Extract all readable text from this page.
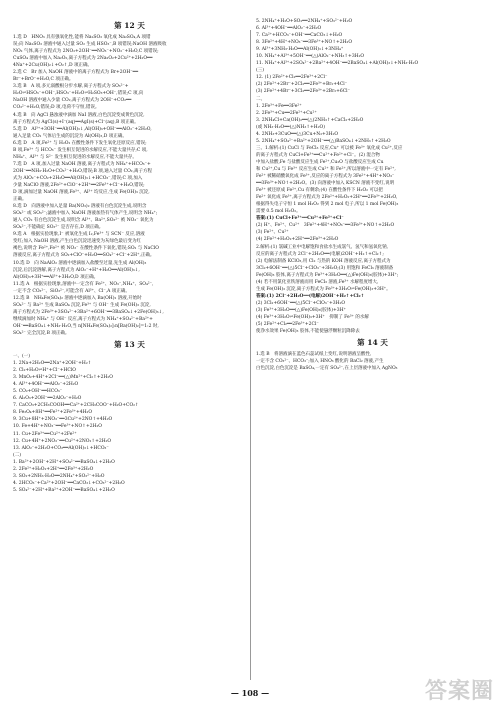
第 12 天
1.选 D　HNO₃ 具有强氧化性,能将 Na₂SO₃ 氧化成 Na₂SO₄,A 项错
误;向 Na₂SO₃ 溶液中通入过量 SO₂ 生成 HSO₃⁻,B 项错误;NaOH 溶液吸收
NO₂ 气体,离子方程式为 2NO₂+2OH⁻══NO₃⁻+NO₂⁻+H₂O,C 项错误;
CuSO₄ 溶液中加入 Na₂O₂,离子方程式为 2Na₂O₂+2Cu²⁺+2H₂O══
4Na⁺+2Cu(OH)₂↓+O₂↑,D 项正确。
2.选 C　Br 加入 NaOH 溶液中的离子方程式为 Br+2OH⁻══
Br⁻+BrO⁻+H₂O,C 项正确。
3.选 B　A 项,多元弱酸根分步水解,离子方程式为 SO₃²⁻+
H₂O⇌HSO₃⁻+OH⁻,HSO₃⁻+H₂O⇌H₂SO₃+OH⁻,错误;C 项,向
NaOH 溶液中通入少量 CO₂,离子方程式为 2OH⁻+CO₂══
CO₃²⁻+H₂O,错误;D 项,电荷不守恒,错误。
4.选 B　向 AgCl 悬浊液中滴加 NaI 溶液,白色沉淀变成黄色沉淀,
离子方程式为 AgCl(s)+I⁻(aq)══AgI(s)+Cl⁻(aq),B 项正确。
5.选 D　Al³⁺+3OH⁻══Al(OH)₃↓,Al(OH)₃+OH⁻══AlO₂⁻+2H₂O,
通入足量 CO₂ 气体后生成的沉淀为 Al(OH)₃,D 项正确。
6.选 D　A 项,Fe²⁺ 与 H₂O₂ 在酸性条件下发生氧化还原反应,错误;
B 项,Fe³⁺ 与 HCO₃⁻ 发生相互促进的水解反应,不能大量共存;C 项,
NH₄⁺、Al³⁺ 与 S²⁻ 发生相互促进的水解反应,不能大量共存。
7.选 D　A 项,加入过量 NaOH 溶液,离子方程式为 NH₄⁺+HCO₃⁻+
2OH⁻══NH₃·H₂O+CO₃²⁻+H₂O,错误;B 项,通入过量 CO₂,离子方程
式为 AlO₂⁻+CO₂+2H₂O══Al(OH)₃↓+HCO₃⁻,错误;C 项,加入
少量 NaClO 溶液,2Fe²⁺+ClO⁻+2H⁺══2Fe³⁺+Cl⁻+H₂O,错误;
D 项,滴加过量 NaOH 溶液,Fe³⁺、Al³⁺ 均反应,生成 Fe(OH)₃ 沉淀,
正确。
8.选 D　向溶液中加入足量 Ba(NO₃)₂ 溶液有白色沉淀生成,说明含
SO₄²⁻ 或 SO₃²⁻;滤液中加入 NaOH 溶液加热有气体产生,说明含 NH₄⁺;
通入 CO₂ 有白色沉淀生成,说明含 Al³⁺、Ba²⁺,SO₃²⁻ 被 NO₃⁻ 氧化为
SO₄²⁻,不能确定 SO₃²⁻ 是否存在,D 项正确。
9.选 A　根据实验现象,I⁻ 被氧化生成 I₂,Fe³⁺ 与 SCN⁻ 反应,溶液
变红;加入 NaOH 溶液,产生白色沉淀迅速变为灰绿色最后变为红
褐色,说明含 Fe²⁺,Fe²⁺ 被 NO₃⁻ 在酸性条件下氧化,错误;SO₂ 与 NaClO
溶液反应,离子方程式为 SO₂+ClO⁻+H₂O══SO₄²⁻+Cl⁻+2H⁺,正确。
10.选 D　向 NaAlO₂ 溶液中逐滴加入盐酸至过量,先生成 Al(OH)₃
沉淀,后沉淀溶解,离子方程式为 AlO₂⁻+H⁺+H₂O══Al(OH)₃↓,
Al(OH)₃+3H⁺══Al³⁺+3H₂O,D 项正确。
11.选 A　根据实验现象,溶液中一定含有 Fe²⁺、NO₃⁻,NH₄⁺、SO₄²⁻,
一定不含 CO₃²⁻、SiO₃²⁻,可能含有 Al³⁺、Cl⁻,A 项正确。
12.选 B　NH₄Fe(SO₄)₂ 溶液中逐滴加入 Ba(OH)₂ 溶液,开始时
SO₄²⁻ 与 Ba²⁺ 生成 BaSO₄ 沉淀,Fe³⁺ 与 OH⁻ 生成 Fe(OH)₃ 沉淀,
离子方程式为 2Fe³⁺+3SO₄²⁻+3Ba²⁺+6OH⁻══3BaSO₄↓+2Fe(OH)₃↓,
继续滴加时 NH₄⁺ 与 OH⁻ 反应,离子方程式为 NH₄⁺+SO₄²⁻+Ba²⁺+
OH⁻══BaSO₄↓+NH₃·H₂O,当 n[NH₄Fe(SO₄)₂]:n[Ba(OH)₂]=1:2 时,
SO₄²⁻ 完全沉淀,B 项正确。
第 13 天
一、(一)
1. 2Na+2H₂O══2Na⁺+2OH⁻+H₂↑
2. Cl₂+H₂O⇌H⁺+Cl⁻+HClO
3. MnO₂+4H⁺+2Cl⁻══(△)Mn²⁺+Cl₂↑+2H₂O
4. Al³⁺+4OH⁻══AlO₂⁻+2H₂O
5. CO₂+OH⁻══HCO₃⁻
6. Al₂O₃+2OH⁻══2AlO₂⁻+H₂O
7. CaCO₃+2CH₃COOH══Ca²⁺+2CH₃COO⁻+H₂O+CO₂↑
8. Fe₃O₄+8H⁺══Fe²⁺+2Fe³⁺+4H₂O
9. 3Cu+8H⁺+2NO₃⁻══3Cu²⁺+2NO↑+4H₂O
10. Fe+4H⁺+NO₃⁻══Fe³⁺+NO↑+2H₂O
11. Cu+2Fe³⁺══Cu²⁺+2Fe²⁺
12. Cu+4H⁺+2NO₃⁻══Cu²⁺+2NO₂↑+2H₂O
13. AlO₂⁻+2H₂O+CO₂══Al(OH)₃↓+HCO₃⁻
(二)
1. Ba²⁺+2OH⁻+2H⁺+SO₄²⁻══BaSO₄↓+2H₂O
2. 2Fe²⁺+H₂O₂+2H⁺══2Fe³⁺+2H₂O
3. SO₂+2NH₃·H₂O══2NH₄⁺+SO₃²⁻+H₂O
4. 2HCO₃⁻+Ca²⁺+2OH⁻══CaCO₃↓+CO₃²⁻+2H₂O
5. SO₄²⁻+2H⁺+Ba²⁺+2OH⁻══BaSO₄↓+2H₂O
5. 2NH₄⁺+H₂O+SO₂══2NH₄⁺+SO₃²⁻+H₂O
6. Al³⁺+4OH⁻══AlO₂⁻+2H₂O
7. Ca²⁺+HCO₃⁻+OH⁻══CaCO₃↓+H₂O
8. 3Fe²⁺+4H⁺+NO₃⁻══3Fe³⁺+NO↑+2H₂O
9. Al³⁺+3NH₃·H₂O══Al(OH)₃↓+3NH₄⁺
10. NH₄⁺+Al³⁺+5OH⁻══(△)AlO₂⁻+NH₃↑+3H₂O
11. NH₄⁺+Al³⁺+2SO₄²⁻+2Ba²⁺+4OH⁻══2BaSO₄↓+Al(OH)₃↓+NH₃·H₂O
(三)
12. (1) 2Fe²⁺+Cl₂══2Fe³⁺+2Cl⁻
(2) 2Fe²⁺+2Br⁻+2Cl₂══2Fe³⁺+Br₂+4Cl⁻
(3) 2Fe²⁺+4Br⁻+3Cl₂══2Fe³⁺+2Br₂+6Cl⁻
二、
1. 2Fe³⁺+Fe══3Fe²⁺
2. 2Fe³⁺+Cu══2Fe²⁺+Cu²⁺
3. 2NH₄Cl+Ca(OH)₂══(△)2NH₃↑+CaCl₂+2H₂O
(或 NH₃·H₂O══(△)NH₃↑+H₂O)
4. 2NH₃+3CuO══(△)3Cu+N₂+3H₂O
5. 2NH₄⁺+SO₄²⁻+Ba²⁺+2OH⁻══(△)BaSO₄↓+2NH₃↑+2H₂O
三、1.解析:(1) CuCl 与 FeCl₃ 反应,Cu⁺ 可以被 Fe³⁺ 氧化成 Cu²⁺,反应
的离子方程式为 CuCl+Fe³⁺══Cu²⁺+Fe²⁺+Cl⁻。(2) 混合物
中加入盐酸,Fe 与盐酸反应生成 Fe²⁺,Cu₂O 与盐酸反应生成 Cu
和 Cu²⁺,Cu 与 Fe³⁺ 反应生成 Cu²⁺ 和 Fe²⁺,所以溶液中一定有 Fe²⁺,
Fe²⁺ 被稀硝酸氧化成 Fe³⁺,反应的离子方程式为 3Fe²⁺+4H⁺+NO₃⁻
══3Fe³⁺+NO↑+2H₂O。(3) 向溶液中加入 KSCN 溶液不变红,说明
Fe³⁺ 被还原成 Fe²⁺,Cu 有剩余;(4) 在酸性条件下 H₂O₂ 可以把
Fe²⁺ 氧化成 Fe³⁺,离子方程式为 2Fe²⁺+H₂O₂+2H⁺══2Fe³⁺+2H₂O,
根据得失电子守恒 1 mol H₂O₂ 得到 2 mol 电子,所以 1 mol Fe(OH)₃
需要 0.5 mol H₂O₂。
答案:(1) CuCl+Fe³⁺══Cu²⁺+Fe²⁺+Cl⁻
(2) H⁺、Fe²⁺、Cu²⁺　3Fe²⁺+4H⁺+NO₃⁻══3Fe³⁺+NO↑+2H₂O
(3) Fe²⁺、Cu²⁺
(4) 2Fe²⁺+H₂O₂+2H⁺══2Fe³⁺+2H₂O
2.解析:(1) 氯碱工业中电解饱和食盐水生成氯气、氢气和氢氧化钠,
反应的离子方程式为 2Cl⁻+2H₂O══(电解)2OH⁻+H₂↑+Cl₂↑;
(2) 电解法制备 KClO₃,用 Cl₂ 与热的 KOH 溶液反应,离子方程式为
3Cl₂+6OH⁻══(△)5Cl⁻+ClO₃⁻+3H₂O;(3) 用饱和 FeCl₃ 溶液制备
Fe(OH)₃ 胶体,离子方程式为 Fe³⁺+3H₂O══(△)Fe(OH)₃(胶体)+3H⁺;
(4) 若不用氯化亚铁溶液而用 FeCl₃ 溶液,Fe³⁺ 水解程度增大,
生成 Fe(OH)₃ 沉淀,离子方程式为 Fe³⁺+3H₂O⇌Fe(OH)₃+3H⁺。
答案:(1) 2Cl⁻+2H₂O══(电解)2OH⁻+H₂↑+Cl₂↑
(2) 3Cl₂+6OH⁻══(△)5Cl⁻+ClO₃⁻+3H₂O
(3) Fe³⁺+3H₂O══(△)Fe(OH)₃(胶体)+3H⁺
(4) Fe³⁺+3H₂O⇌Fe(OH)₃+3H⁺　抑制了 Fe³⁺ 的水解
(5) 2Fe²⁺+Cl₂══2Fe³⁺+2Cl⁻
使净水效果 Fe(OH)₃ 胶体,不能使悬浮颗粒沉降除去
第 14 天
1.选 B　将溶液滴在蓝色石蕊试纸上变红,说明溶液呈酸性,
一定不含 CO₃²⁻、HCO₃⁻;加入 HNO₃ 酸化的 BaCl₂ 溶液,产生
白色沉淀,白色沉淀是 BaSO₄,一定有 SO₄²⁻,在上层溶液中加入 AgNO₃
— 108 —	答案圈
